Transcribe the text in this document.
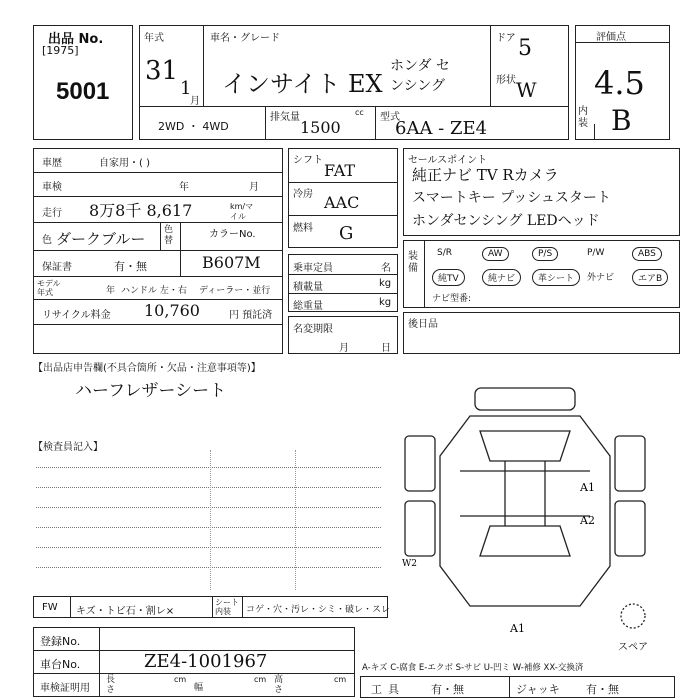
出品 No.
[1975]
5001
年式
31
1
月
車名・グレード
インサイト EX
ホンダ センシング
ドア 5
形状 W
2WD ・ 4WD
排気量	cc
1500
型式
6AA - ZE4
評価点
4.5
内装 B
車歴	自家用・( )
車検	年	月
走行 8万8千 8,617	km/マイル
色 ダークブルー 色替
カラーNo.
保証書	有・無	B607M
モデル年式	年 ハンドル 左・右 ディーラー・並行
リサイクル料金 10,760	円 預託済
シフト
FAT
冷房 AAC
燃料 G
乗車定員	名
積載量	kg
総重量	kg
名変期限
月	日
セールスポイント
純正ナビ TV Rカメラ
スマートキー プッシュスタート
ホンダセンシング LEDヘッド
装備
S/R	AW	P/S	P/W	ABS
純TV	純ナビ	革シート	外ナビ	エアB
ナビ型番:
後日品
【出品店申告欄(不具合箇所・欠品・注意事項等)】
ハーフレザーシート
【検査員記入】
A1
A2
W2
A1
スペア
FW キズ・トビ石・割レ×
シート内装	コゲ・穴・汚レ・シミ・破レ・スレ
登録No.
車台No.	ZE4-1001967
車検証明用
長さ
cm
幅
cm 高さ
cm
A-キズ C-腐食 E-エクボ S-サビ U-凹ミ W-補修 XX-交換済
工具 有・無	ジャッキ 有・無
